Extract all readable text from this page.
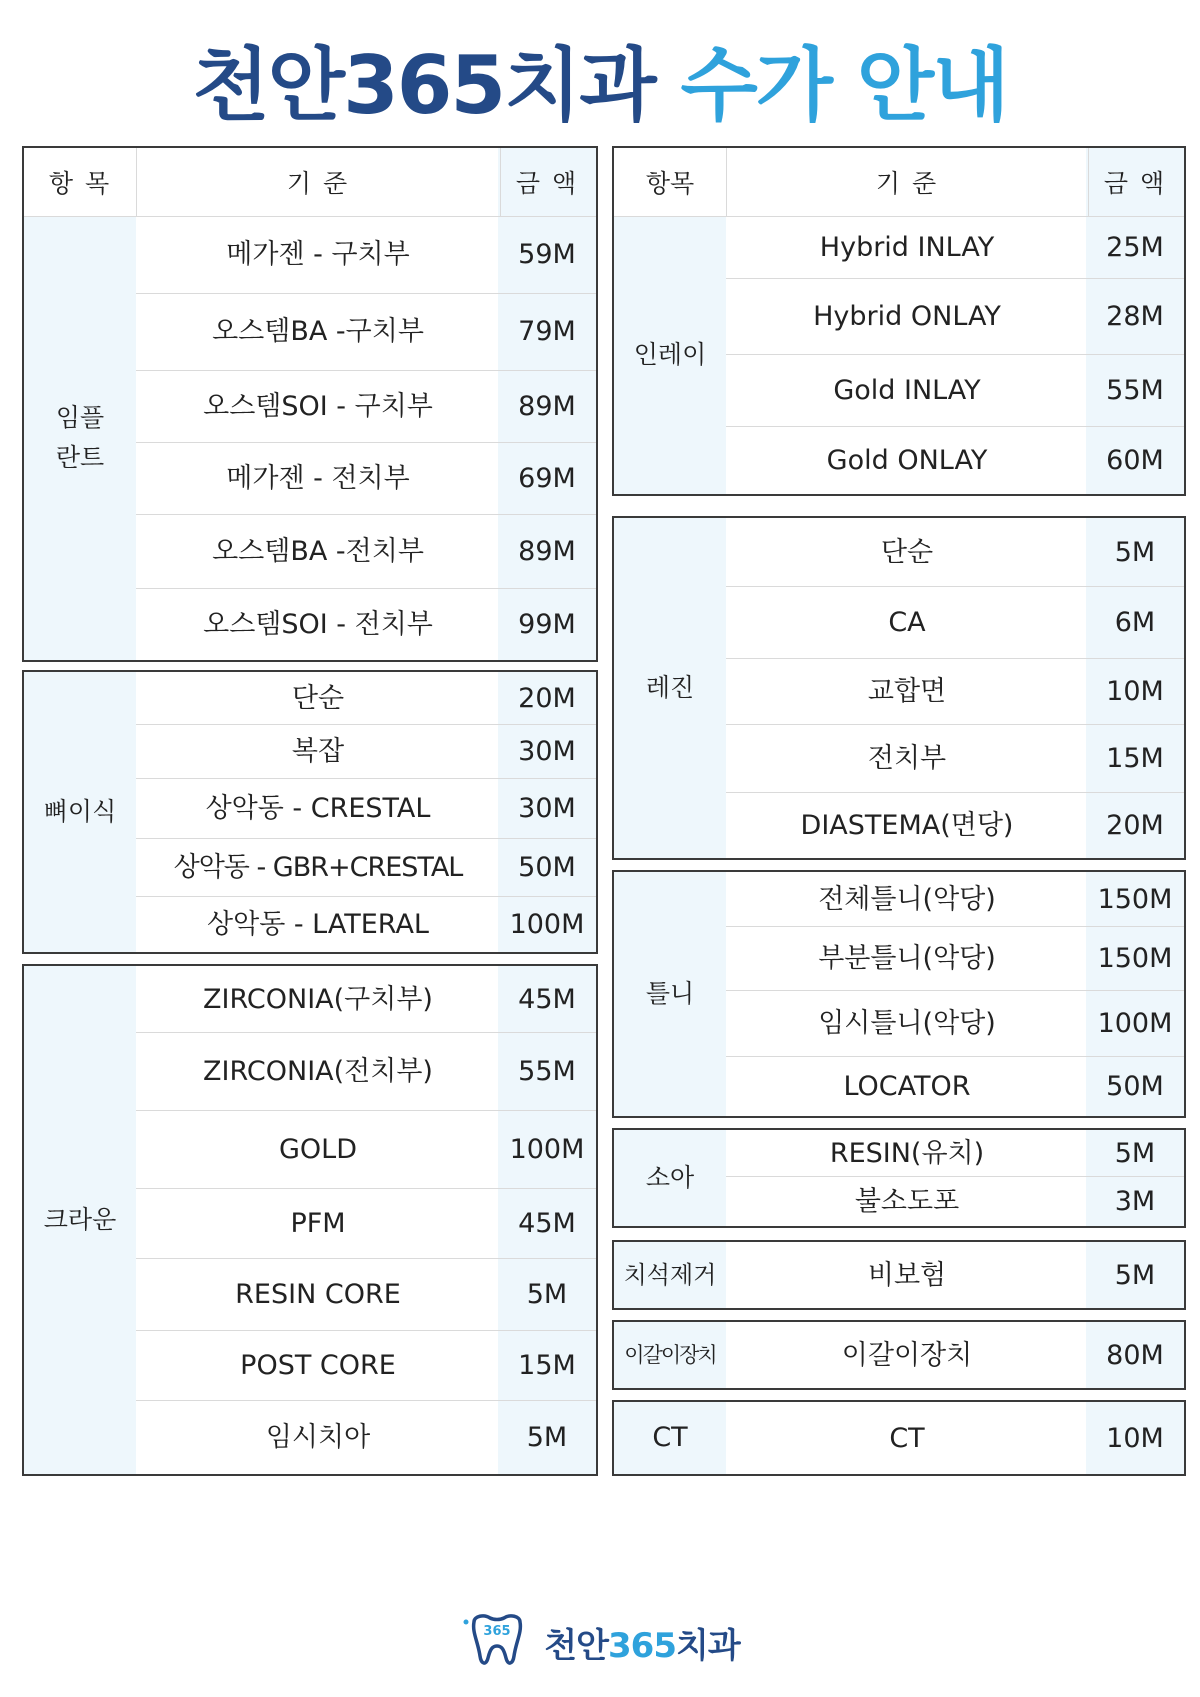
천안365치과 수가 안내
임플
란트
항 목	기 준	금 액
메가젠 - 구치부	59M
오스템BA -구치부	79M
오스템SOI - 구치부	89M
메가젠 - 전치부	69M
오스템BA -전치부	89M
오스템SOI - 전치부	99M
뼈이식
단순	20M
복잡	30M
상악동 - CRESTAL	30M
상악동 - GBR+CRESTAL	50M
상악동 - LATERAL	100M
크라운
ZIRCONIA(구치부)	45M
ZIRCONIA(전치부)	55M
GOLD	100M
PFM	45M
RESIN CORE	5M
POST CORE	15M
임시치아	5M
인레이
항목	기 준	금 액
Hybrid INLAY	25M
Hybrid ONLAY	28M
Gold INLAY	55M
Gold ONLAY	60M
레진
단순	5M
CA	6M
교합면	10M
전치부	15M
DIASTEMA(면당)	20M
틀니
전체틀니(악당)	150M
부분틀니(악당)	150M
임시틀니(악당)	100M
LOCATOR	50M
소아
RESIN(유치)	5M
불소도포	3M
치석제거	비보험	5M
이갈이장치	이갈이장치	80M
CT	CT	10M
365 천안365치과
